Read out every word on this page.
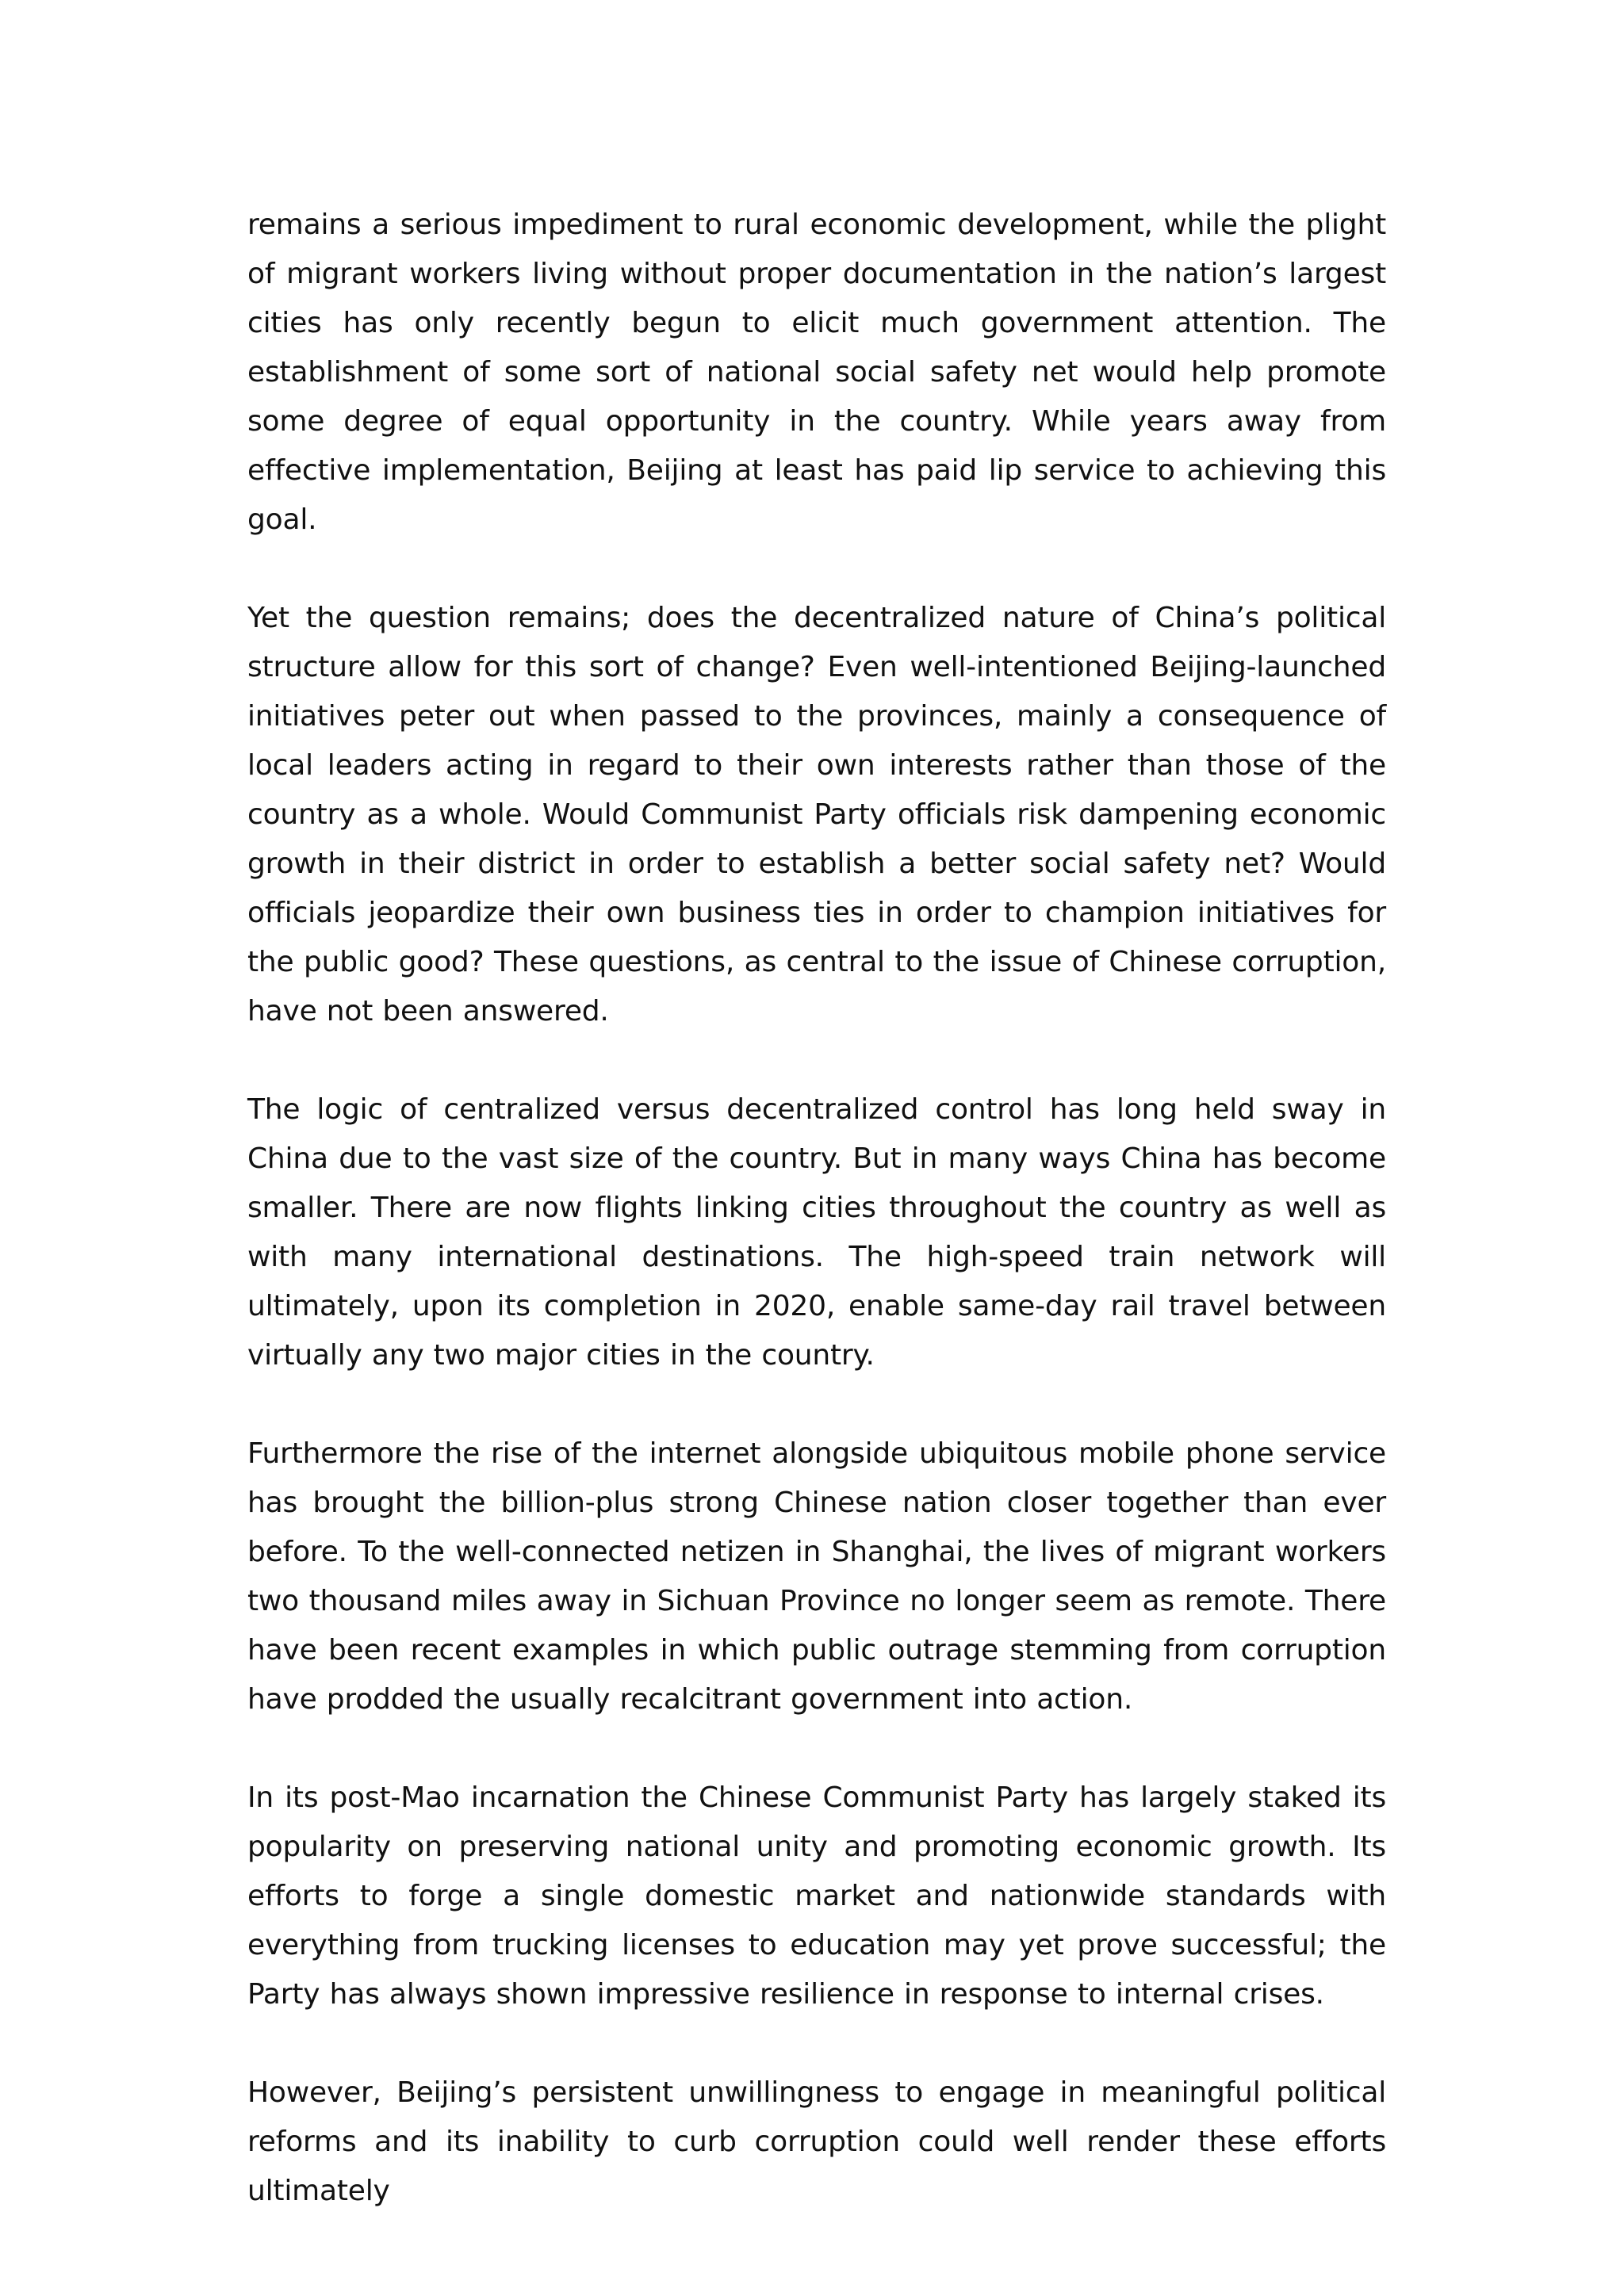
remains a serious impediment to rural economic development, while the plight of migrant workers living without proper documentation in the nation’s largest cities has only recently begun to elicit much government attention. The establishment of some sort of national social safety net would help promote some degree of equal opportunity in the country. While years away from effective implementation, Beijing at least has paid lip service to achieving this goal.

Yet the question remains; does the decentralized nature of China’s political structure allow for this sort of change? Even well-intentioned Beijing-launched initiatives peter out when passed to the provinces, mainly a consequence of local leaders acting in regard to their own interests rather than those of the country as a whole. Would Communist Party officials risk dampening economic growth in their district in order to establish a better social safety net? Would officials jeopardize their own business ties in order to champion initiatives for the public good? These questions, as central to the issue of Chinese corruption, have not been answered.

The logic of centralized versus decentralized control has long held sway in China due to the vast size of the country. But in many ways China has become smaller. There are now flights linking cities throughout the country as well as with many international destinations. The high-speed train network will ultimately, upon its completion in 2020, enable same-day rail travel between virtually any two major cities in the country.

Furthermore the rise of the internet alongside ubiquitous mobile phone service has brought the billion-plus strong Chinese nation closer together than ever before. To the well-connected netizen in Shanghai, the lives of migrant workers two thousand miles away in Sichuan Province no longer seem as remote. There have been recent examples in which public outrage stemming from corruption have prodded the usually recalcitrant government into action.

In its post-Mao incarnation the Chinese Communist Party has largely staked its popularity on preserving national unity and promoting economic growth. Its efforts to forge a single domestic market and nationwide standards with everything from trucking licenses to education may yet prove successful; the Party has always shown impressive resilience in response to internal crises.

However, Beijing’s persistent unwillingness to engage in meaningful political reforms and its inability to curb corruption could well render these efforts ultimately
